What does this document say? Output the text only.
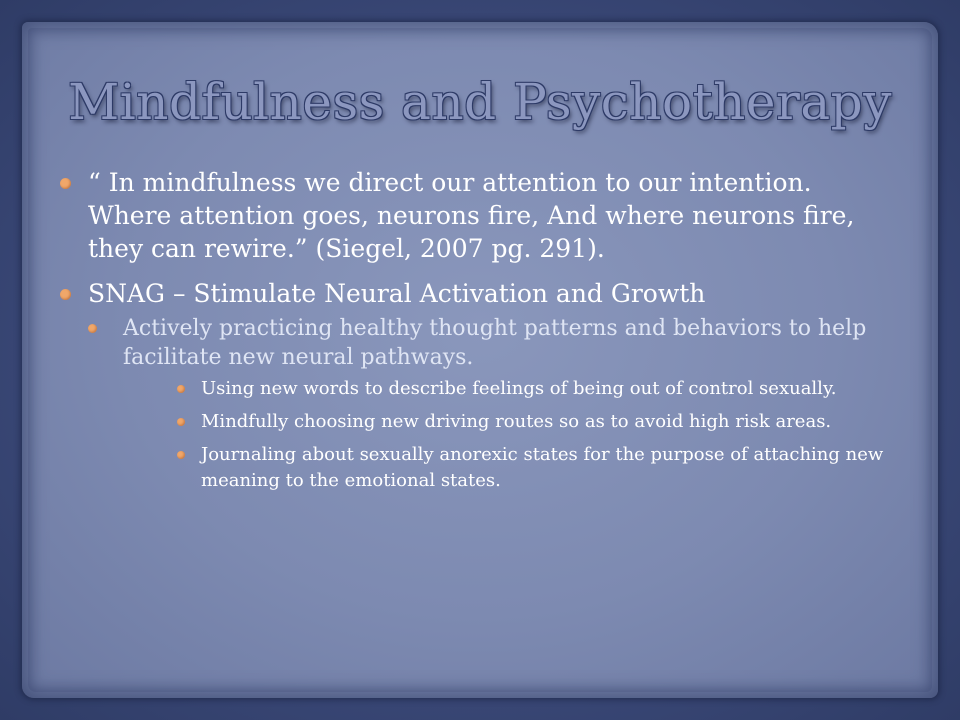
Mindfulness and Psychotherapy
“ In mindfulness we direct our attention to our intention. Where attention goes, neurons fire, And where neurons fire, they can rewire.” (Siegel, 2007 pg. 291).
SNAG – Stimulate Neural Activation and Growth
Actively practicing healthy thought patterns and behaviors to help facilitate new neural pathways.
Using new words to describe feelings of being out of control sexually.
Mindfully choosing new driving routes so as to avoid high risk areas.
Journaling about sexually anorexic states for the purpose of attaching new meaning to the emotional states.
